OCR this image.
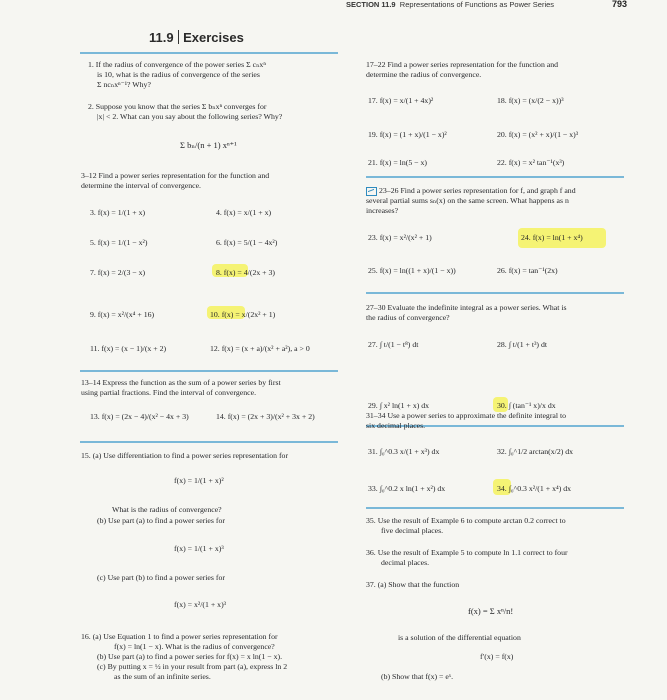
SECTION 11.9 Representations of Functions as Power Series	793
11.9 Exercises
1. If the radius of convergence of the power series Σ cₙxⁿ
is 10, what is the radius of convergence of the series
Σ ncₙxⁿ⁻¹? Why?
2. Suppose you know that the series Σ bₙxⁿ converges for
|x| < 2. What can you say about the following series? Why?
Σ bₙ/(n + 1) xⁿ⁺¹
3–12 Find a power series representation for the function and
determine the interval of convergence.
3. f(x) = 1/(1 + x)	4. f(x) = x/(1 + x)
5. f(x) = 1/(1 − x²)	6. f(x) = 5/(1 − 4x²)
7. f(x) = 2/(3 − x)	8. f(x) = 4/(2x + 3)
9. f(x) = x²/(x⁴ + 16)	10. f(x) = x/(2x² + 1)
11. f(x) = (x − 1)/(x + 2)	12. f(x) = (x + a)/(x² + a²), a > 0
13–14 Express the function as the sum of a power series by first
using partial fractions. Find the interval of convergence.
13. f(x) = (2x − 4)/(x² − 4x + 3)	14. f(x) = (2x + 3)/(x² + 3x + 2)
15. (a) Use differentiation to find a power series representation for
f(x) = 1/(1 + x)²
What is the radius of convergence?
(b) Use part (a) to find a power series for
f(x) = 1/(1 + x)³
(c) Use part (b) to find a power series for
f(x) = x²/(1 + x)³
16. (a) Use Equation 1 to find a power series representation for
f(x) = ln(1 − x). What is the radius of convergence?
(b) Use part (a) to find a power series for f(x) = x ln(1 − x).
(c) By putting x = ½ in your result from part (a), express ln 2
as the sum of an infinite series.
17–22 Find a power series representation for the function and
determine the radius of convergence.
17. f(x) = x/(1 + 4x)²	18. f(x) = (x/(2 − x))³
19. f(x) = (1 + x)/(1 − x)²	20. f(x) = (x² + x)/(1 − x)³
21. f(x) = ln(5 − x)	22. f(x) = x² tan⁻¹(x³)
23–26 Find a power series representation for f, and graph f and
several partial sums sₙ(x) on the same screen. What happens as n
increases?
23. f(x) = x²/(x² + 1)	24. f(x) = ln(1 + x⁴)
25. f(x) = ln((1 + x)/(1 − x))	26. f(x) = tan⁻¹(2x)
27–30 Evaluate the indefinite integral as a power series. What is
the radius of convergence?
27. ∫ t/(1 − t⁸) dt	28. ∫ t/(1 + t³) dt
29. ∫ x² ln(1 + x) dx	30. ∫ (tan⁻¹ x)/x dx
31–34 Use a power series to approximate the definite integral to
six decimal places.
31. ∫₀^0.3 x/(1 + x³) dx	32. ∫₀^1/2 arctan(x/2) dx
33. ∫₀^0.2 x ln(1 + x²) dx	34. ∫₀^0.3 x²/(1 + x⁴) dx
35. Use the result of Example 6 to compute arctan 0.2 correct to
five decimal places.
36. Use the result of Example 5 to compute ln 1.1 correct to four
decimal places.
37. (a) Show that the function
f(x) = Σ xⁿ/n!
is a solution of the differential equation
f′(x) = f(x)
(b) Show that f(x) = eˣ.
